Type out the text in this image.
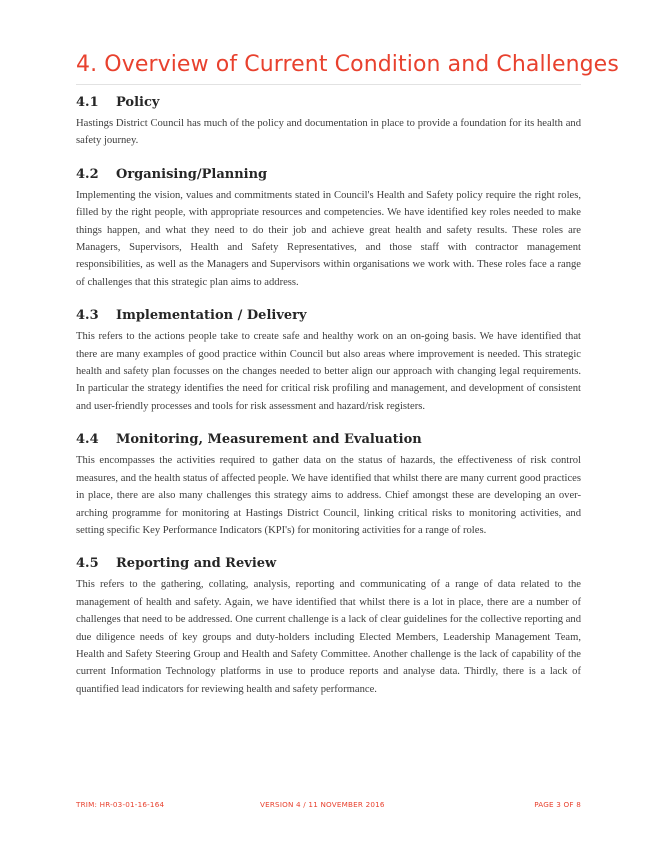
4. Overview of Current Condition and Challenges
4.1	Policy

Hastings District Council has much of the policy and documentation in place to provide a foundation for its health and safety journey.

4.2	Organising/Planning

Implementing the vision, values and commitments stated in Council's Health and Safety policy require the right roles, filled by the right people, with appropriate resources and competencies. We have identified key roles needed to make things happen, and what they need to do their job and achieve great health and safety results. These roles are Managers, Supervisors, Health and Safety Representatives, and those staff with contractor management responsibilities, as well as the Managers and Supervisors within organisations we work with. These roles face a range of challenges that this strategic plan aims to address.

4.3	Implementation / Delivery

This refers to the actions people take to create safe and healthy work on an on-going basis. We have identified that there are many examples of good practice within Council but also areas where improvement is needed. This strategic health and safety plan focusses on the changes needed to better align our approach with changing legal requirements. In particular the strategy identifies the need for critical risk profiling and management, and development of consistent and user-friendly processes and tools for risk assessment and hazard/risk registers.

4.4	Monitoring, Measurement and Evaluation

This encompasses the activities required to gather data on the status of hazards, the effectiveness of risk control measures, and the health status of affected people. We have identified that whilst there are many current good practices in place, there are also many challenges this strategy aims to address. Chief amongst these are developing an over-arching programme for monitoring at Hastings District Council, linking critical risks to monitoring activities, and setting specific Key Performance Indicators (KPI's) for monitoring activities for a range of roles.

4.5	Reporting and Review

This refers to the gathering, collating, analysis, reporting and communicating of a range of data related to the management of health and safety. Again, we have identified that whilst there is a lot in place, there are a number of challenges that need to be addressed. One current challenge is a lack of clear guidelines for the collective reporting and due diligence needs of key groups and duty-holders including Elected Members, Leadership Management Team, Health and Safety Steering Group and Health and Safety Committee. Another challenge is the lack of capability of the current Information Technology platforms in use to produce reports and analyse data. Thirdly, there is a lack of quantified lead indicators for reviewing health and safety performance.

TRIM: HR-03-01-16-164	VERSION 4 / 11 NOVEMBER 2016	PAGE 3 OF 8
